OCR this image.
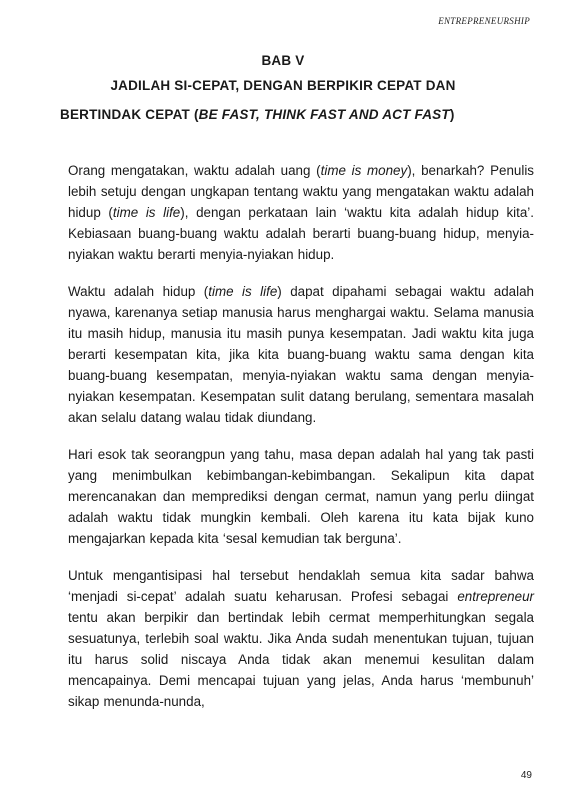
ENTREPRENEURSHIP
BAB V
JADILAH SI-CEPAT, DENGAN BERPIKIR CEPAT DAN
BERTINDAK CEPAT (BE FAST, THINK FAST AND ACT FAST)

Orang mengatakan, waktu adalah uang (time is money), benarkah? Penulis lebih setuju dengan ungkapan tentang waktu yang mengatakan waktu adalah hidup (time is life), dengan perkataan lain ‘waktu kita adalah hidup kita’. Kebiasaan buang-buang waktu adalah berarti buang-buang hidup, menyia-nyiakan waktu berarti menyia-nyiakan hidup.

Waktu adalah hidup (time is life) dapat dipahami sebagai waktu adalah nyawa, karenanya setiap manusia harus menghargai waktu. Selama manusia itu masih hidup, manusia itu masih punya kesempatan. Jadi waktu kita juga berarti kesempatan kita, jika kita buang-buang waktu sama dengan kita buang-buang kesempatan, menyia-nyiakan waktu sama dengan menyia-nyiakan kesempatan. Kesempatan sulit datang berulang, sementara masalah akan selalu datang walau tidak diundang.

Hari esok tak seorangpun yang tahu, masa depan adalah hal yang tak pasti yang menimbulkan kebimbangan-kebimbangan. Sekalipun kita dapat merencanakan dan memprediksi dengan cermat, namun yang perlu diingat adalah waktu tidak mungkin kembali. Oleh karena itu kata bijak kuno mengajarkan kepada kita ‘sesal kemudian tak berguna’.

Untuk mengantisipasi hal tersebut hendaklah semua kita sadar bahwa ‘menjadi si-cepat’ adalah suatu keharusan. Profesi sebagai entrepreneur tentu akan berpikir dan bertindak lebih cermat memperhitungkan segala sesuatunya, terlebih soal waktu. Jika Anda sudah menentukan tujuan, tujuan itu harus solid niscaya Anda tidak akan menemui kesulitan dalam mencapainya. Demi mencapai tujuan yang jelas, Anda harus ‘membunuh’ sikap menunda-nunda,

49
